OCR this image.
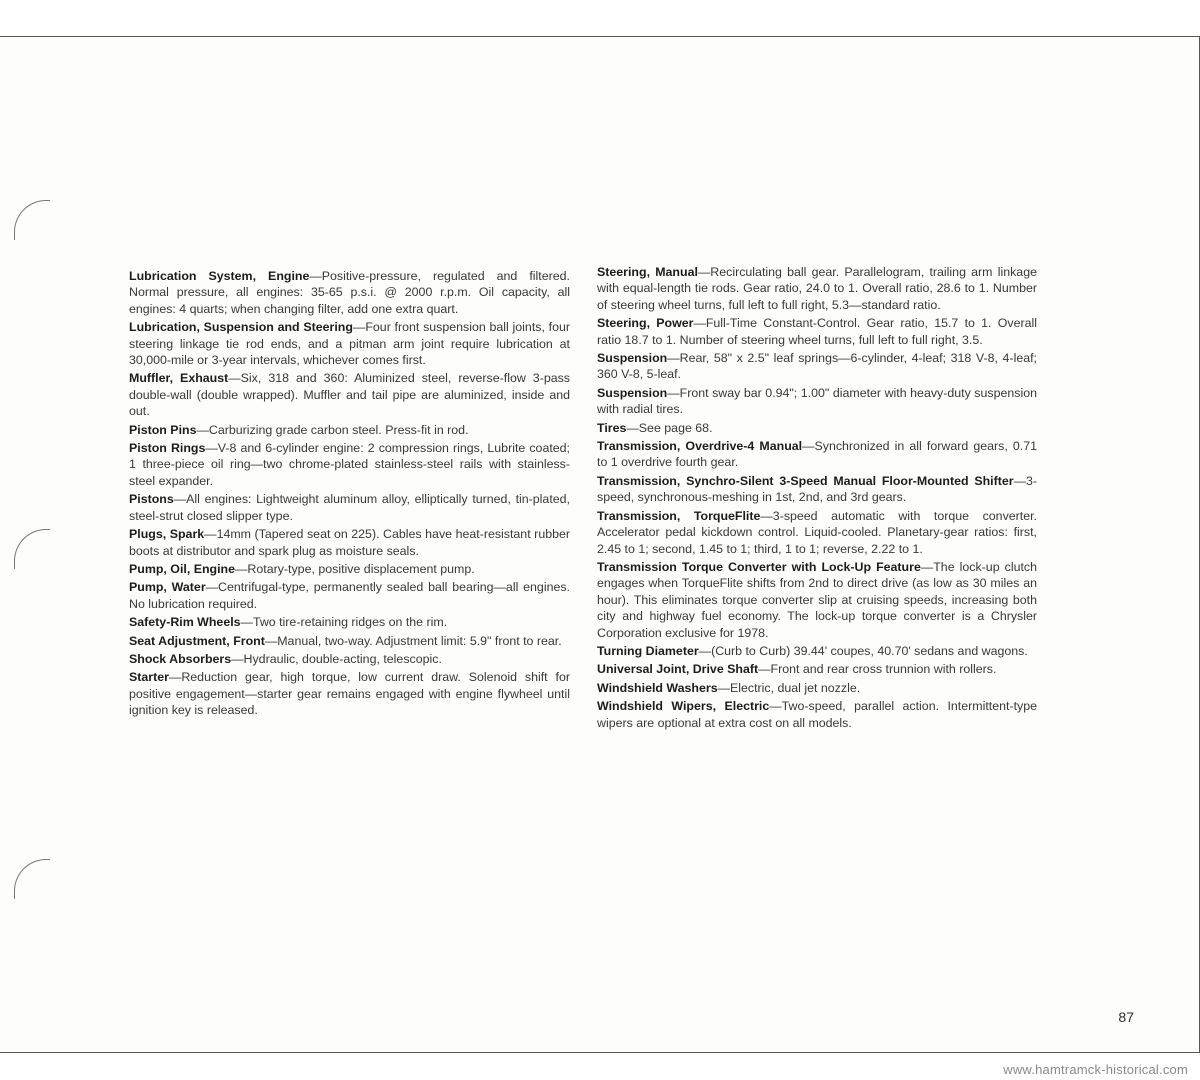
Lubrication System, Engine—Positive-pressure, regulated and filtered. Normal pressure, all engines: 35-65 p.s.i. @ 2000 r.p.m. Oil capacity, all engines: 4 quarts; when changing filter, add one extra quart.

Lubrication, Suspension and Steering—Four front suspension ball joints, four steering linkage tie rod ends, and a pitman arm joint require lubrication at 30,000-mile or 3-year intervals, whichever comes first.

Muffler, Exhaust—Six, 318 and 360: Aluminized steel, reverse-flow 3-pass double-wall (double wrapped). Muffler and tail pipe are aluminized, inside and out.

Piston Pins—Carburizing grade carbon steel. Press-fit in rod.

Piston Rings—V-8 and 6-cylinder engine: 2 compression rings, Lubrite coated; 1 three-piece oil ring—two chrome-plated stainless-steel rails with stainless-steel expander.

Pistons—All engines: Lightweight aluminum alloy, elliptically turned, tin-plated, steel-strut closed slipper type.

Plugs, Spark—14mm (Tapered seat on 225). Cables have heat-resistant rubber boots at distributor and spark plug as moisture seals.

Pump, Oil, Engine—Rotary-type, positive displacement pump.

Pump, Water—Centrifugal-type, permanently sealed ball bearing—all engines. No lubrication required.

Safety-Rim Wheels—Two tire-retaining ridges on the rim.

Seat Adjustment, Front—Manual, two-way. Adjustment limit: 5.9" front to rear.

Shock Absorbers—Hydraulic, double-acting, telescopic.

Starter—Reduction gear, high torque, low current draw. Solenoid shift for positive engagement—starter gear remains engaged with engine flywheel until ignition key is released.

Steering, Manual—Recirculating ball gear. Parallelogram, trailing arm linkage with equal-length tie rods. Gear ratio, 24.0 to 1. Overall ratio, 28.6 to 1. Number of steering wheel turns, full left to full right, 5.3—standard ratio.

Steering, Power—Full-Time Constant-Control. Gear ratio, 15.7 to 1. Overall ratio 18.7 to 1. Number of steering wheel turns, full left to full right, 3.5.

Suspension—Rear, 58" x 2.5" leaf springs—6-cylinder, 4-leaf; 318 V-8, 4-leaf; 360 V-8, 5-leaf.

Suspension—Front sway bar 0.94"; 1.00" diameter with heavy-duty suspension with radial tires.

Tires—See page 68.

Transmission, Overdrive-4 Manual—Synchronized in all forward gears, 0.71 to 1 overdrive fourth gear.

Transmission, Synchro-Silent 3-Speed Manual Floor-Mounted Shifter—3-speed, synchronous-meshing in 1st, 2nd, and 3rd gears.

Transmission, TorqueFlite—3-speed automatic with torque converter. Accelerator pedal kickdown control. Liquid-cooled. Planetary-gear ratios: first, 2.45 to 1; second, 1.45 to 1; third, 1 to 1; reverse, 2.22 to 1.

Transmission Torque Converter with Lock-Up Feature—The lock-up clutch engages when TorqueFlite shifts from 2nd to direct drive (as low as 30 miles an hour). This eliminates torque converter slip at cruising speeds, increasing both city and highway fuel economy. The lock-up torque converter is a Chrysler Corporation exclusive for 1978.

Turning Diameter—(Curb to Curb) 39.44' coupes, 40.70' sedans and wagons.

Universal Joint, Drive Shaft—Front and rear cross trunnion with rollers.

Windshield Washers—Electric, dual jet nozzle.

Windshield Wipers, Electric—Two-speed, parallel action. Intermittent-type wipers are optional at extra cost on all models.

87
www.hamtramck-historical.com
